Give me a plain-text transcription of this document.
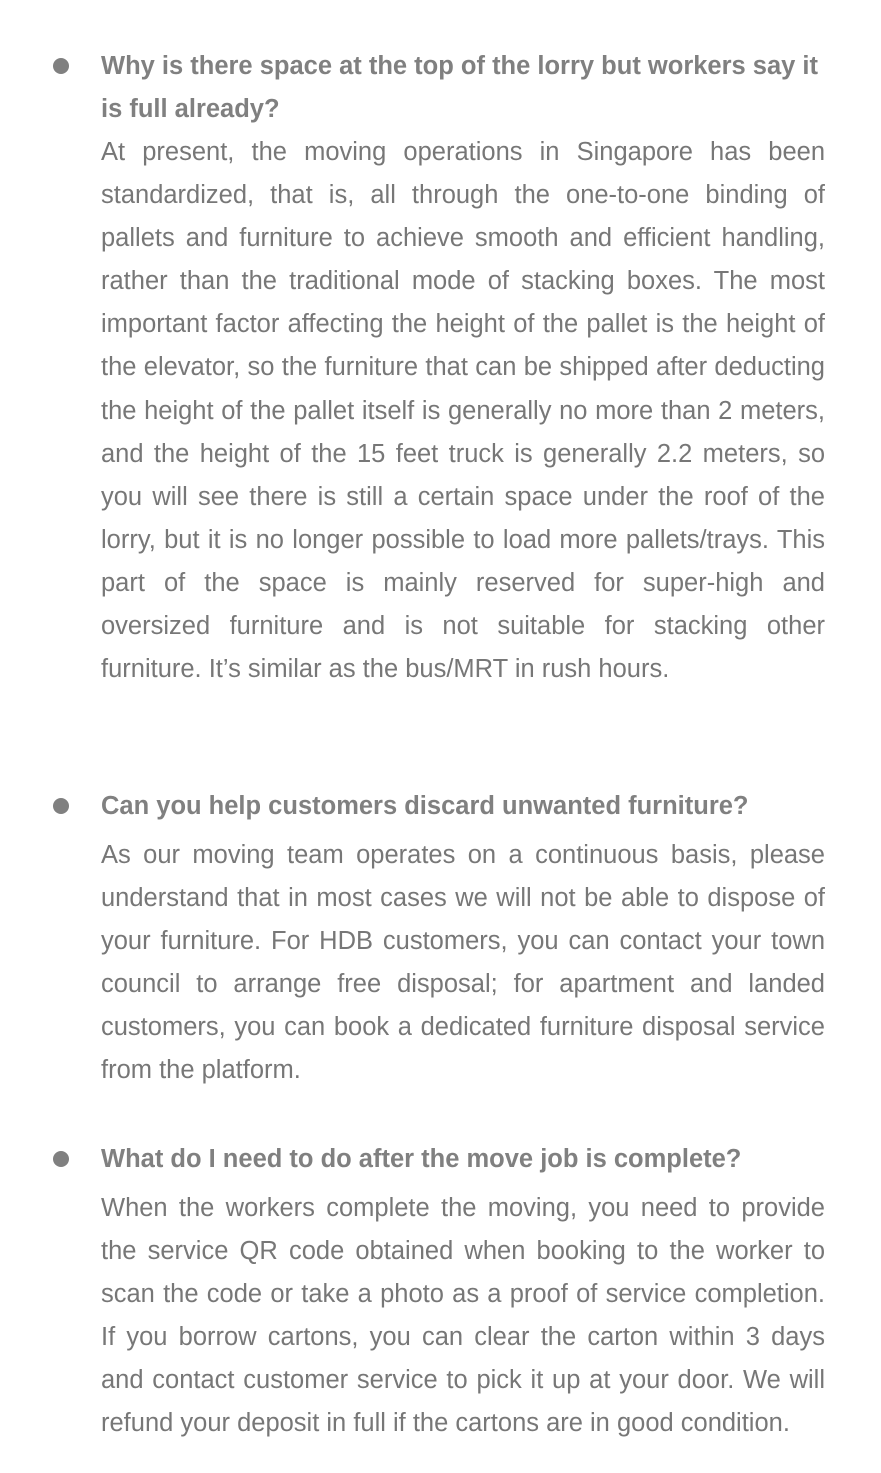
Why is there space at the top of the lorry but workers say it is full already?

At present, the moving operations in Singapore has been standardized, that is, all through the one-to-one binding of pallets and furniture to achieve smooth and efficient handling, rather than the traditional mode of stacking boxes. The most important factor affecting the height of the pallet is the height of the elevator, so the furniture that can be shipped after deducting the height of the pallet itself is generally no more than 2 meters, and the height of the 15 feet truck is generally 2.2 meters, so you will see there is still a certain space under the roof of the lorry, but it is no longer possible to load more pallets/trays. This part of the space is mainly reserved for super-high and oversized furniture and is not suitable for stacking other furniture. It’s similar as the bus/MRT in rush hours.

Can you help customers discard unwanted furniture?

As our moving team operates on a continuous basis, please understand that in most cases we will not be able to dispose of your furniture. For HDB customers, you can contact your town council to arrange free disposal; for apartment and landed customers, you can book a dedicated furniture disposal service from the platform.

What do I need to do after the move job is complete?

When the workers complete the moving, you need to provide the service QR code obtained when booking to the worker to scan the code or take a photo as a proof of service completion. If you borrow cartons, you can clear the carton within 3 days and contact customer service to pick it up at your door. We will refund your deposit in full if the cartons are in good condition.
